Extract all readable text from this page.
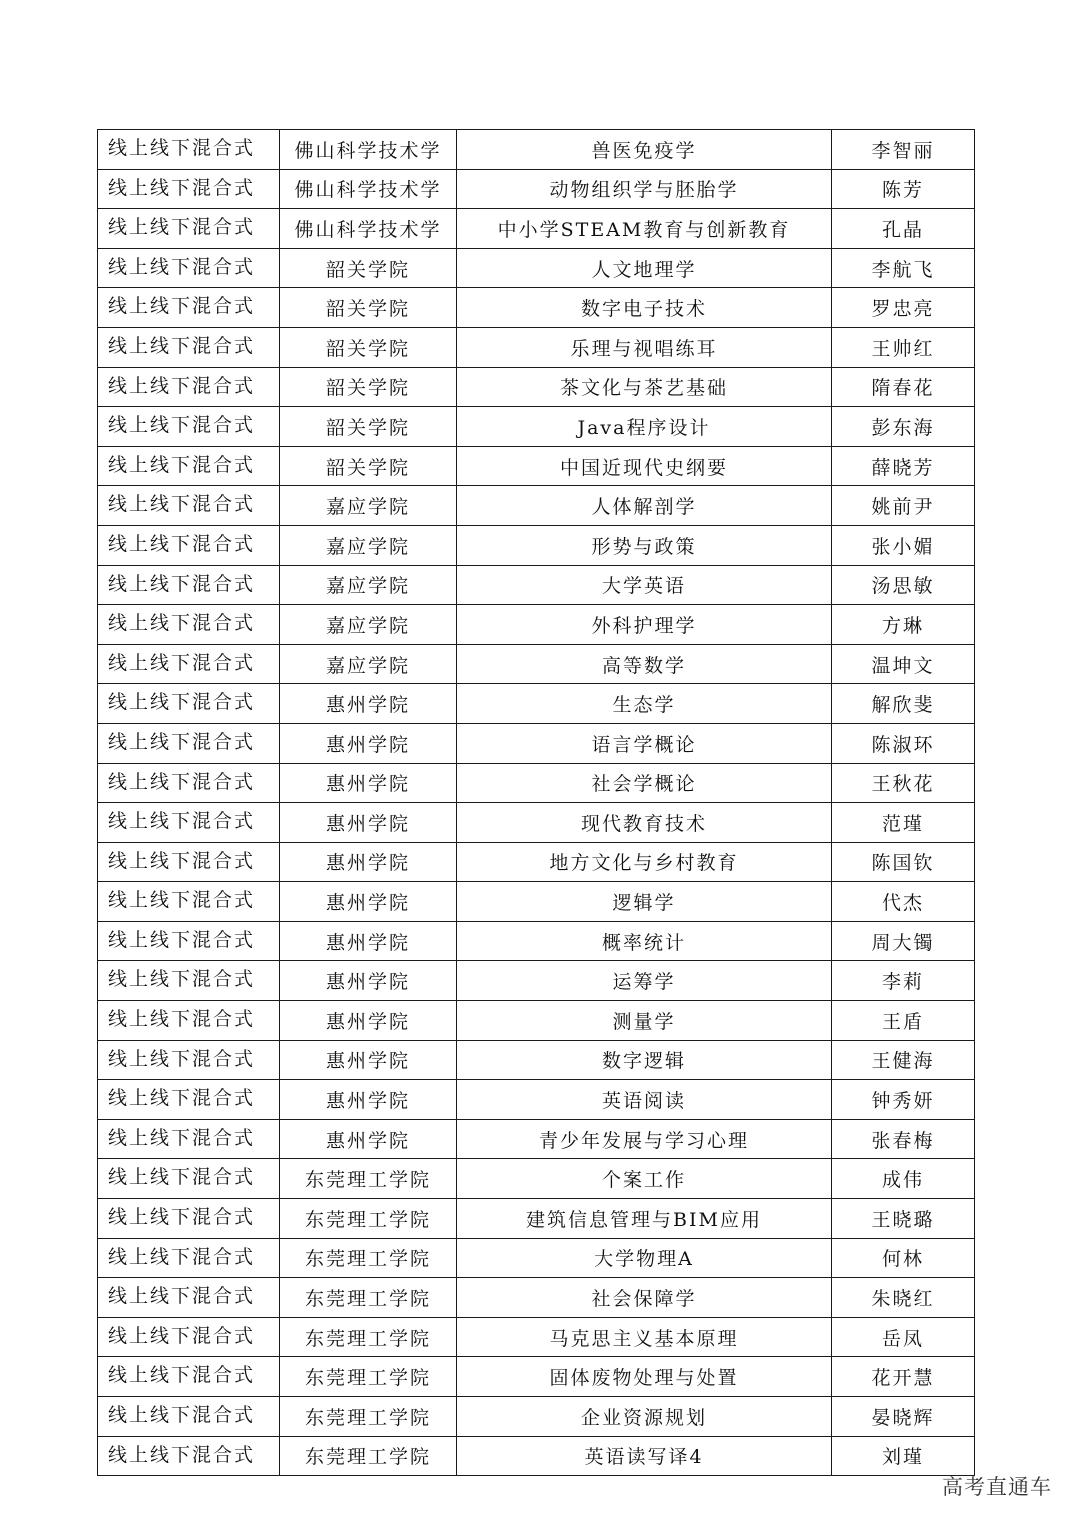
线上线下混合式	佛山科学技术学	兽医免疫学	李智丽
线上线下混合式	佛山科学技术学	动物组织学与胚胎学	陈芳
线上线下混合式	佛山科学技术学	中小学STEAM教育与创新教育	孔晶
线上线下混合式	韶关学院	人文地理学	李航飞
线上线下混合式	韶关学院	数字电子技术	罗忠亮
线上线下混合式	韶关学院	乐理与视唱练耳	王帅红
线上线下混合式	韶关学院	茶文化与茶艺基础	隋春花
线上线下混合式	韶关学院	Java程序设计	彭东海
线上线下混合式	韶关学院	中国近现代史纲要	薛晓芳
线上线下混合式	嘉应学院	人体解剖学	姚前尹
线上线下混合式	嘉应学院	形势与政策	张小媚
线上线下混合式	嘉应学院	大学英语	汤思敏
线上线下混合式	嘉应学院	外科护理学	方琳
线上线下混合式	嘉应学院	高等数学	温坤文
线上线下混合式	惠州学院	生态学	解欣斐
线上线下混合式	惠州学院	语言学概论	陈淑环
线上线下混合式	惠州学院	社会学概论	王秋花
线上线下混合式	惠州学院	现代教育技术	范瑾
线上线下混合式	惠州学院	地方文化与乡村教育	陈国钦
线上线下混合式	惠州学院	逻辑学	代杰
线上线下混合式	惠州学院	概率统计	周大镯
线上线下混合式	惠州学院	运筹学	李莉
线上线下混合式	惠州学院	测量学	王盾
线上线下混合式	惠州学院	数字逻辑	王健海
线上线下混合式	惠州学院	英语阅读	钟秀妍
线上线下混合式	惠州学院	青少年发展与学习心理	张春梅
线上线下混合式	东莞理工学院	个案工作	成伟
线上线下混合式	东莞理工学院	建筑信息管理与BIM应用	王晓璐
线上线下混合式	东莞理工学院	大学物理A	何林
线上线下混合式	东莞理工学院	社会保障学	朱晓红
线上线下混合式	东莞理工学院	马克思主义基本原理	岳凤
线上线下混合式	东莞理工学院	固体废物处理与处置	花开慧
线上线下混合式	东莞理工学院	企业资源规划	晏晓辉
线上线下混合式	东莞理工学院	英语读写译4	刘瑾
高考直通车
